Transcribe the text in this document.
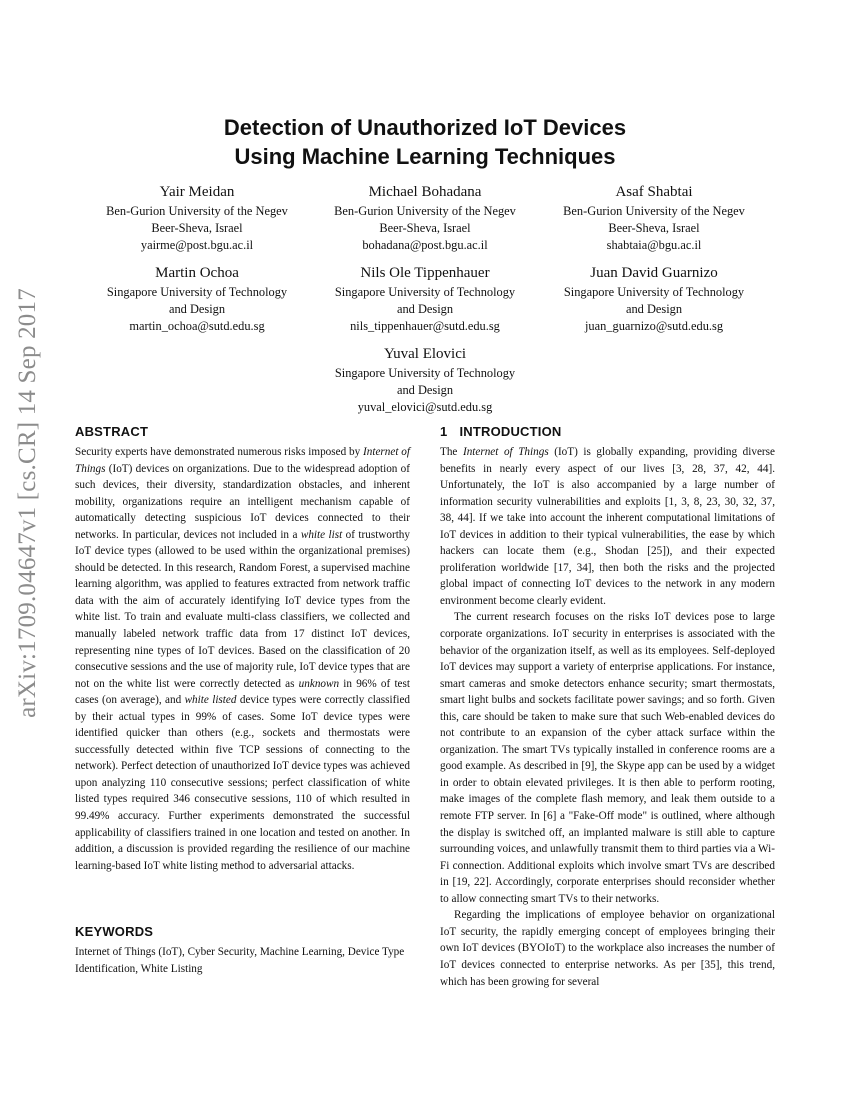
arXiv:1709.04647v1 [cs.CR] 14 Sep 2017
Detection of Unauthorized IoT Devices
Using Machine Learning Techniques
Yair Meidan
Ben-Gurion University of the Negev
Beer-Sheva, Israel
yairme@post.bgu.ac.il
Michael Bohadana
Ben-Gurion University of the Negev
Beer-Sheva, Israel
bohadana@post.bgu.ac.il
Asaf Shabtai
Ben-Gurion University of the Negev
Beer-Sheva, Israel
shabtaia@bgu.ac.il
Martin Ochoa
Singapore University of Technology
and Design
martin_ochoa@sutd.edu.sg
Nils Ole Tippenhauer
Singapore University of Technology
and Design
nils_tippenhauer@sutd.edu.sg
Juan David Guarnizo
Singapore University of Technology
and Design
juan_guarnizo@sutd.edu.sg
Yuval Elovici
Singapore University of Technology
and Design
yuval_elovici@sutd.edu.sg
ABSTRACT

Security experts have demonstrated numerous risks imposed by Internet of Things (IoT) devices on organizations. Due to the widespread adoption of such devices, their diversity, standardization obstacles, and inherent mobility, organizations require an intelligent mechanism capable of automatically detecting suspicious IoT devices connected to their networks. In particular, devices not included in a white list of trustworthy IoT device types (allowed to be used within the organizational premises) should be detected. In this research, Random Forest, a supervised machine learning algorithm, was applied to features extracted from network traffic data with the aim of accurately identifying IoT device types from the white list. To train and evaluate multi-class classifiers, we collected and manually labeled network traffic data from 17 distinct IoT devices, representing nine types of IoT devices. Based on the classification of 20 consecutive sessions and the use of majority rule, IoT device types that are not on the white list were correctly detected as unknown in 96% of test cases (on average), and white listed device types were correctly classified by their actual types in 99% of cases. Some IoT device types were identified quicker than others (e.g., sockets and thermostats were successfully detected within five TCP sessions of connecting to the network). Perfect detection of unauthorized IoT device types was achieved upon analyzing 110 consecutive sessions; perfect classification of white listed types required 346 consecutive sessions, 110 of which resulted in 99.49% accuracy. Further experiments demonstrated the successful applicability of classifiers trained in one location and tested on another. In addition, a discussion is provided regarding the resilience of our machine learning-based IoT white listing method to adversarial attacks.

KEYWORDS

Internet of Things (IoT), Cyber Security, Machine Learning, Device Type Identification, White Listing

1 INTRODUCTION

The Internet of Things (IoT) is globally expanding, providing diverse benefits in nearly every aspect of our lives [3, 28, 37, 42, 44]. Unfortunately, the IoT is also accompanied by a large number of information security vulnerabilities and exploits [1, 3, 8, 23, 30, 32, 37, 38, 44]. If we take into account the inherent computational limitations of IoT devices in addition to their typical vulnerabilities, the ease by which hackers can locate them (e.g., Shodan [25]), and their expected proliferation worldwide [17, 34], then both the risks and the projected global impact of connecting IoT devices to the network in any modern environment become clearly evident.

The current research focuses on the risks IoT devices pose to large corporate organizations. IoT security in enterprises is associated with the behavior of the organization itself, as well as its employees. Self-deployed IoT devices may support a variety of enterprise applications. For instance, smart cameras and smoke detectors enhance security; smart thermostats, smart light bulbs and sockets facilitate power savings; and so forth. Given this, care should be taken to make sure that such Web-enabled devices do not contribute to an expansion of the cyber attack surface within the organization. The smart TVs typically installed in conference rooms are a good example. As described in [9], the Skype app can be used by a widget in order to obtain elevated privileges. It is then able to perform rooting, make images of the complete flash memory, and leak them outside to a remote FTP server. In [6] a "Fake-Off mode" is outlined, where although the display is switched off, an implanted malware is still able to capture surrounding voices, and unlawfully transmit them to third parties via a Wi-Fi connection. Additional exploits which involve smart TVs are described in [19, 22]. Accordingly, corporate enterprises should reconsider whether to allow connecting smart TVs to their networks.

Regarding the implications of employee behavior on organizational IoT security, the rapidly emerging concept of employees bringing their own IoT devices (BYOIoT) to the workplace also increases the number of IoT devices connected to enterprise networks. As per [35], this trend, which has been growing for several
